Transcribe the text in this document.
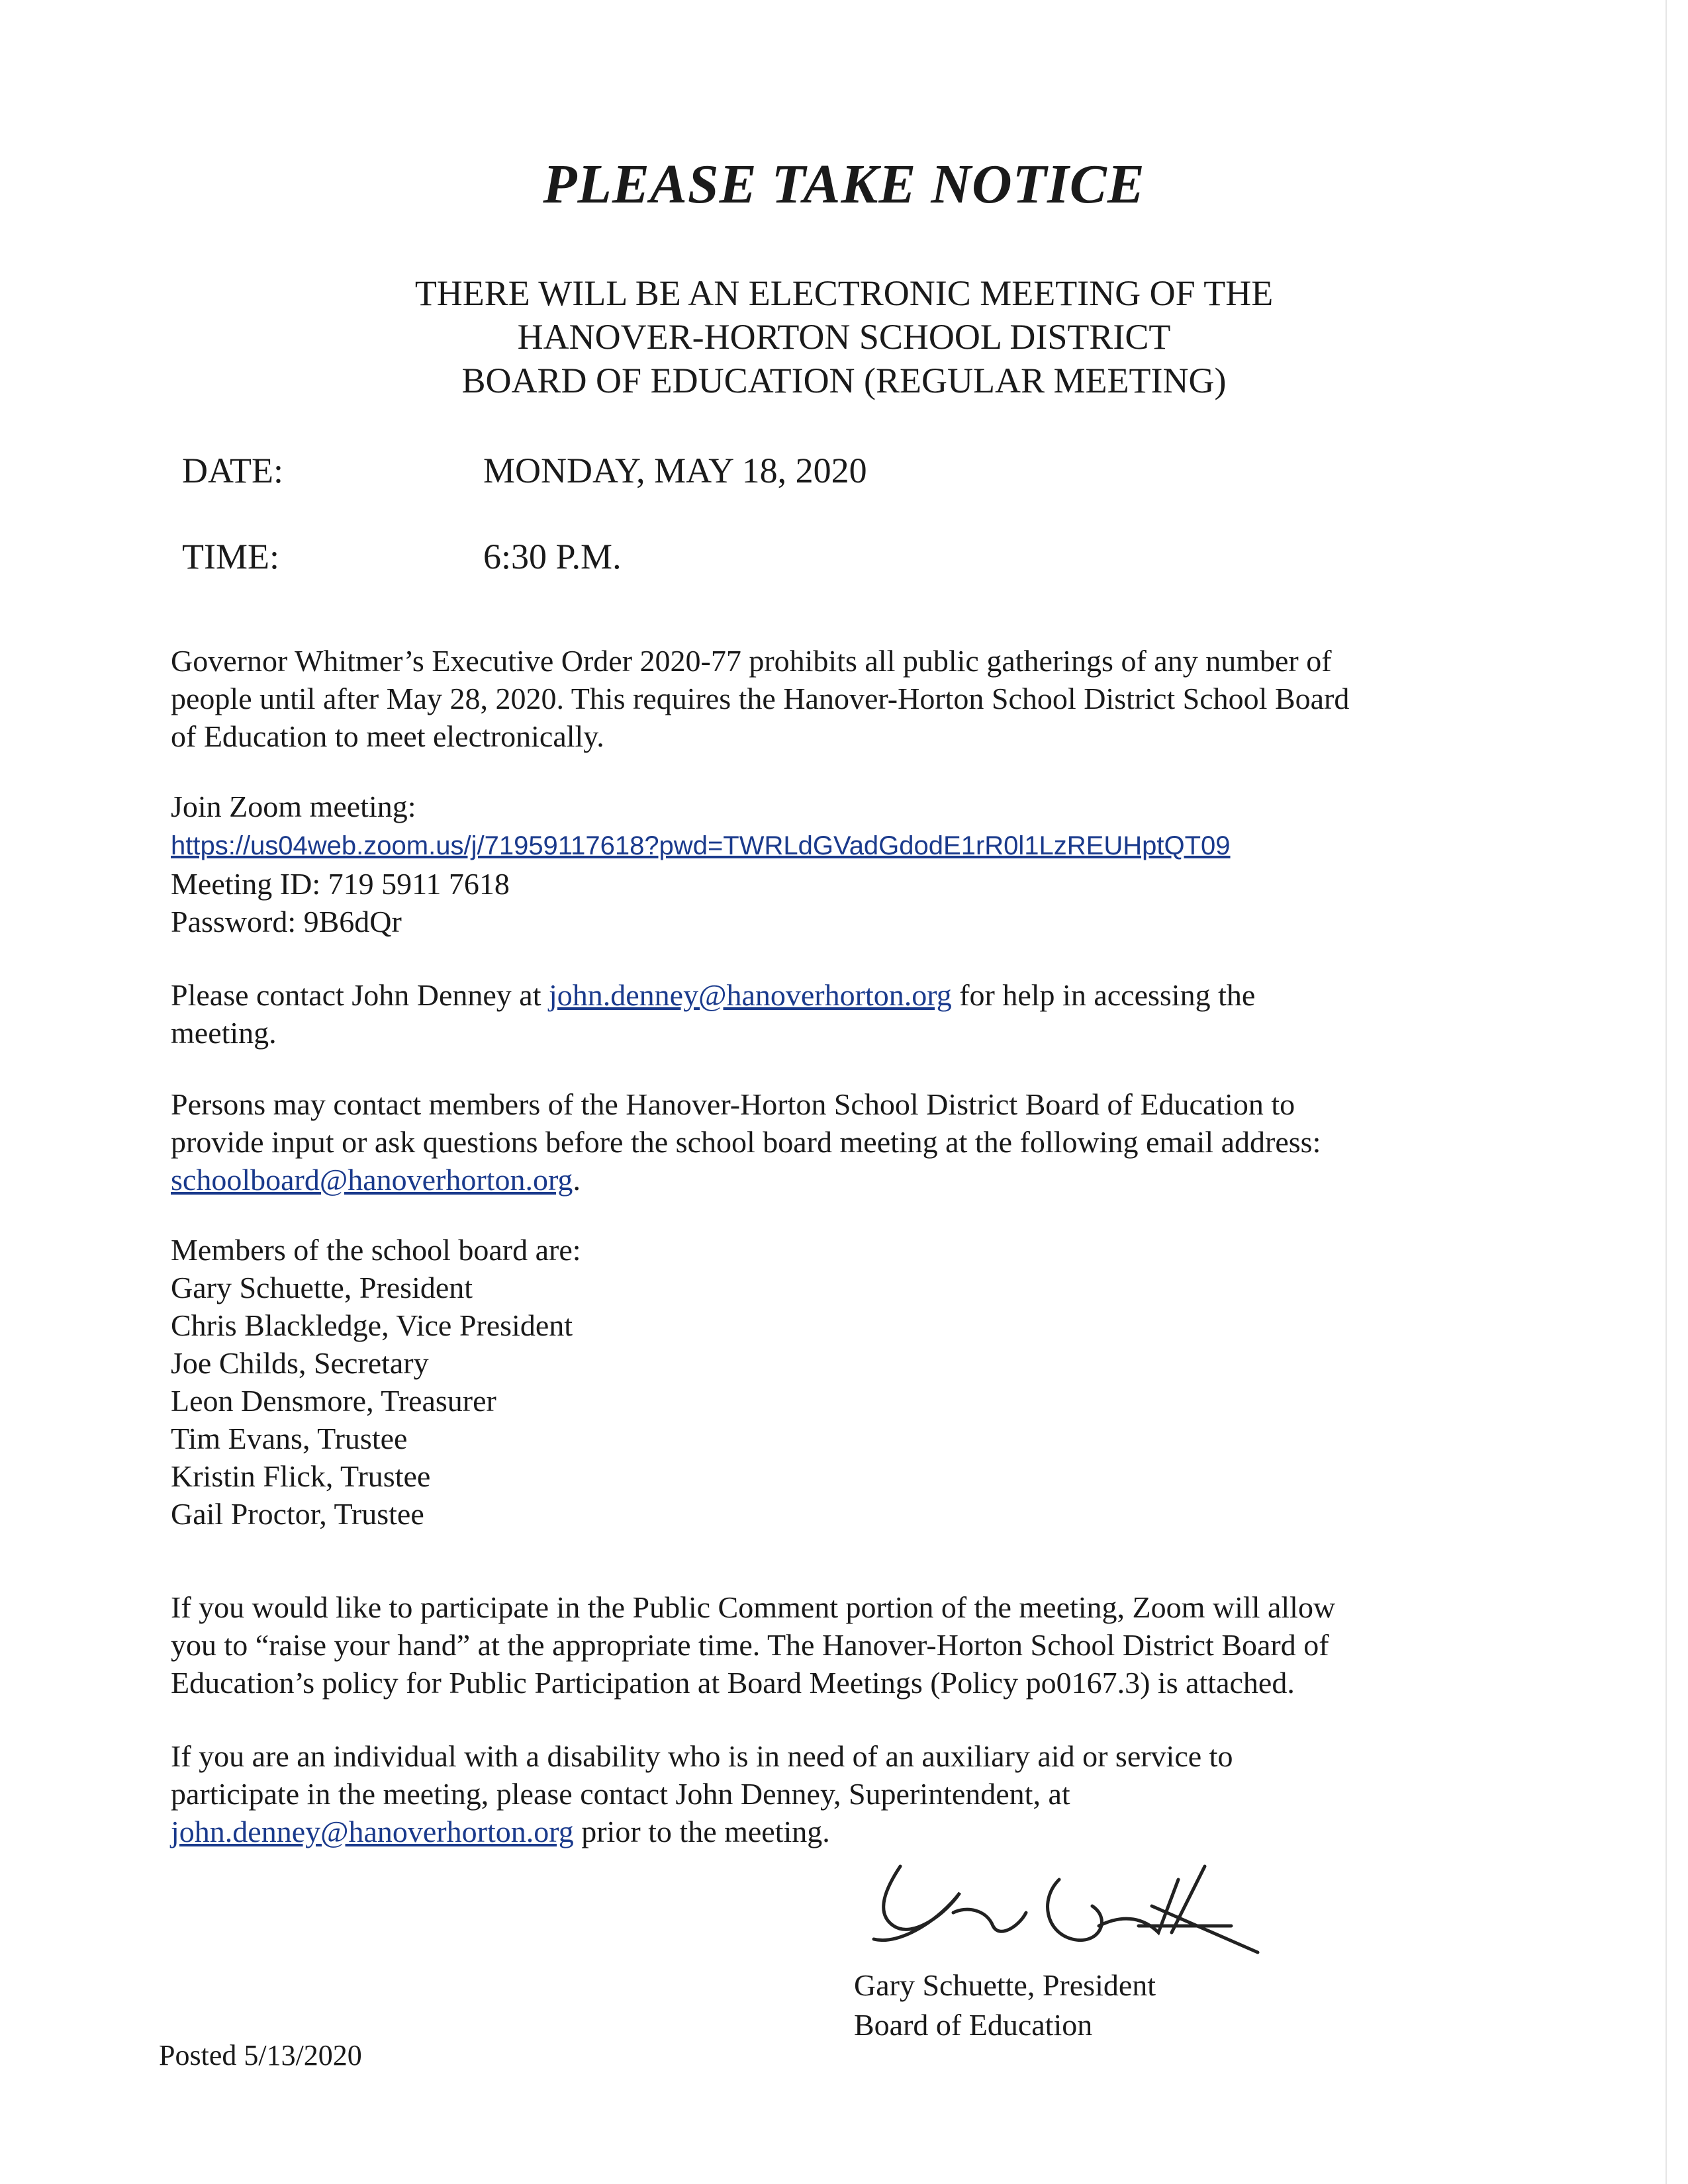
PLEASE TAKE NOTICE
THERE WILL BE AN ELECTRONIC MEETING OF THE
HANOVER-HORTON SCHOOL DISTRICT
BOARD OF EDUCATION (REGULAR MEETING)
DATE:	MONDAY, MAY 18, 2020
TIME:	6:30 P.M.
Governor Whitmer’s Executive Order 2020-77 prohibits all public gatherings of any number of
people until after May 28, 2020. This requires the Hanover-Horton School District School Board
of Education to meet electronically.
Join Zoom meeting:
https://us04web.zoom.us/j/71959117618?pwd=TWRLdGVadGdodE1rR0l1LzREUHptQT09
Meeting ID: 719 5911 7618
Password: 9B6dQr
Please contact John Denney at john.denney@hanoverhorton.org for help in accessing the
meeting.
Persons may contact members of the Hanover-Horton School District Board of Education to
provide input or ask questions before the school board meeting at the following email address:
schoolboard@hanoverhorton.org.
Members of the school board are:
Gary Schuette, President
Chris Blackledge, Vice President
Joe Childs, Secretary
Leon Densmore, Treasurer
Tim Evans, Trustee
Kristin Flick, Trustee
Gail Proctor, Trustee
If you would like to participate in the Public Comment portion of the meeting, Zoom will allow
you to “raise your hand” at the appropriate time. The Hanover-Horton School District Board of
Education’s policy for Public Participation at Board Meetings (Policy po0167.3) is attached.
If you are an individual with a disability who is in need of an auxiliary aid or service to
participate in the meeting, please contact John Denney, Superintendent, at
john.denney@hanoverhorton.org prior to the meeting.
Gary Schuette, President
Board of Education
Posted 5/13/2020
